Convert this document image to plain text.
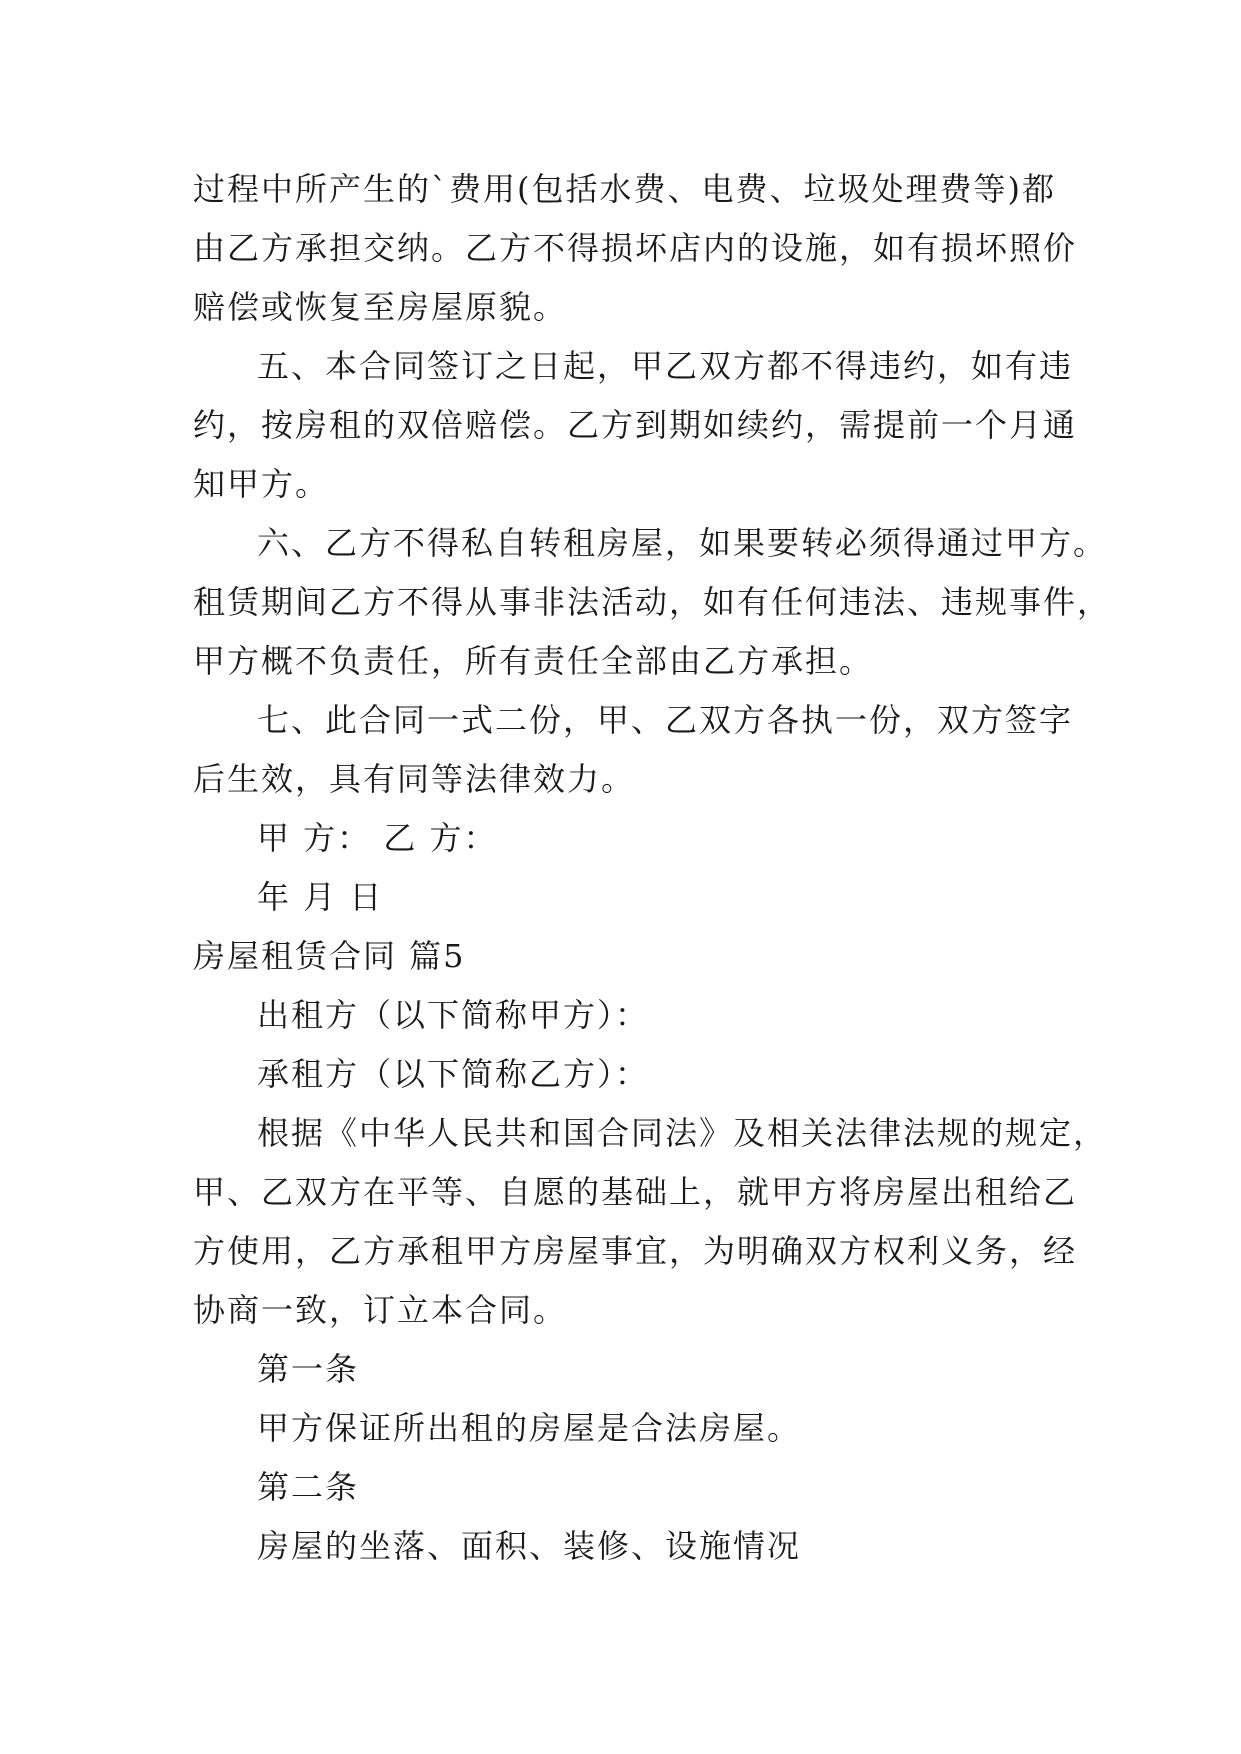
过程中所产生的`费用(包括水费、电费、垃圾处理费等)都
由乙方承担交纳。乙方不得损坏店内的设施，如有损坏照价
赔偿或恢复至房屋原貌。
五、本合同签订之日起，甲乙双方都不得违约，如有违
约，按房租的双倍赔偿。乙方到期如续约，需提前一个月通
知甲方。
六、乙方不得私自转租房屋，如果要转必须得通过甲方。
租赁期间乙方不得从事非法活动，如有任何违法、违规事件，
甲方概不负责任，所有责任全部由乙方承担。
七、此合同一式二份，甲、乙双方各执一份，双方签字
后生效，具有同等法律效力。
甲 方： 乙 方：
年 月 日
房屋租赁合同 篇5
出租方（以下简称甲方）：
承租方（以下简称乙方）：
根据《中华人民共和国合同法》及相关法律法规的规定，
甲、乙双方在平等、自愿的基础上，就甲方将房屋出租给乙
方使用，乙方承租甲方房屋事宜，为明确双方权利义务，经
协商一致，订立本合同。
第一条
甲方保证所出租的房屋是合法房屋。
第二条
房屋的坐落、面积、装修、设施情况
